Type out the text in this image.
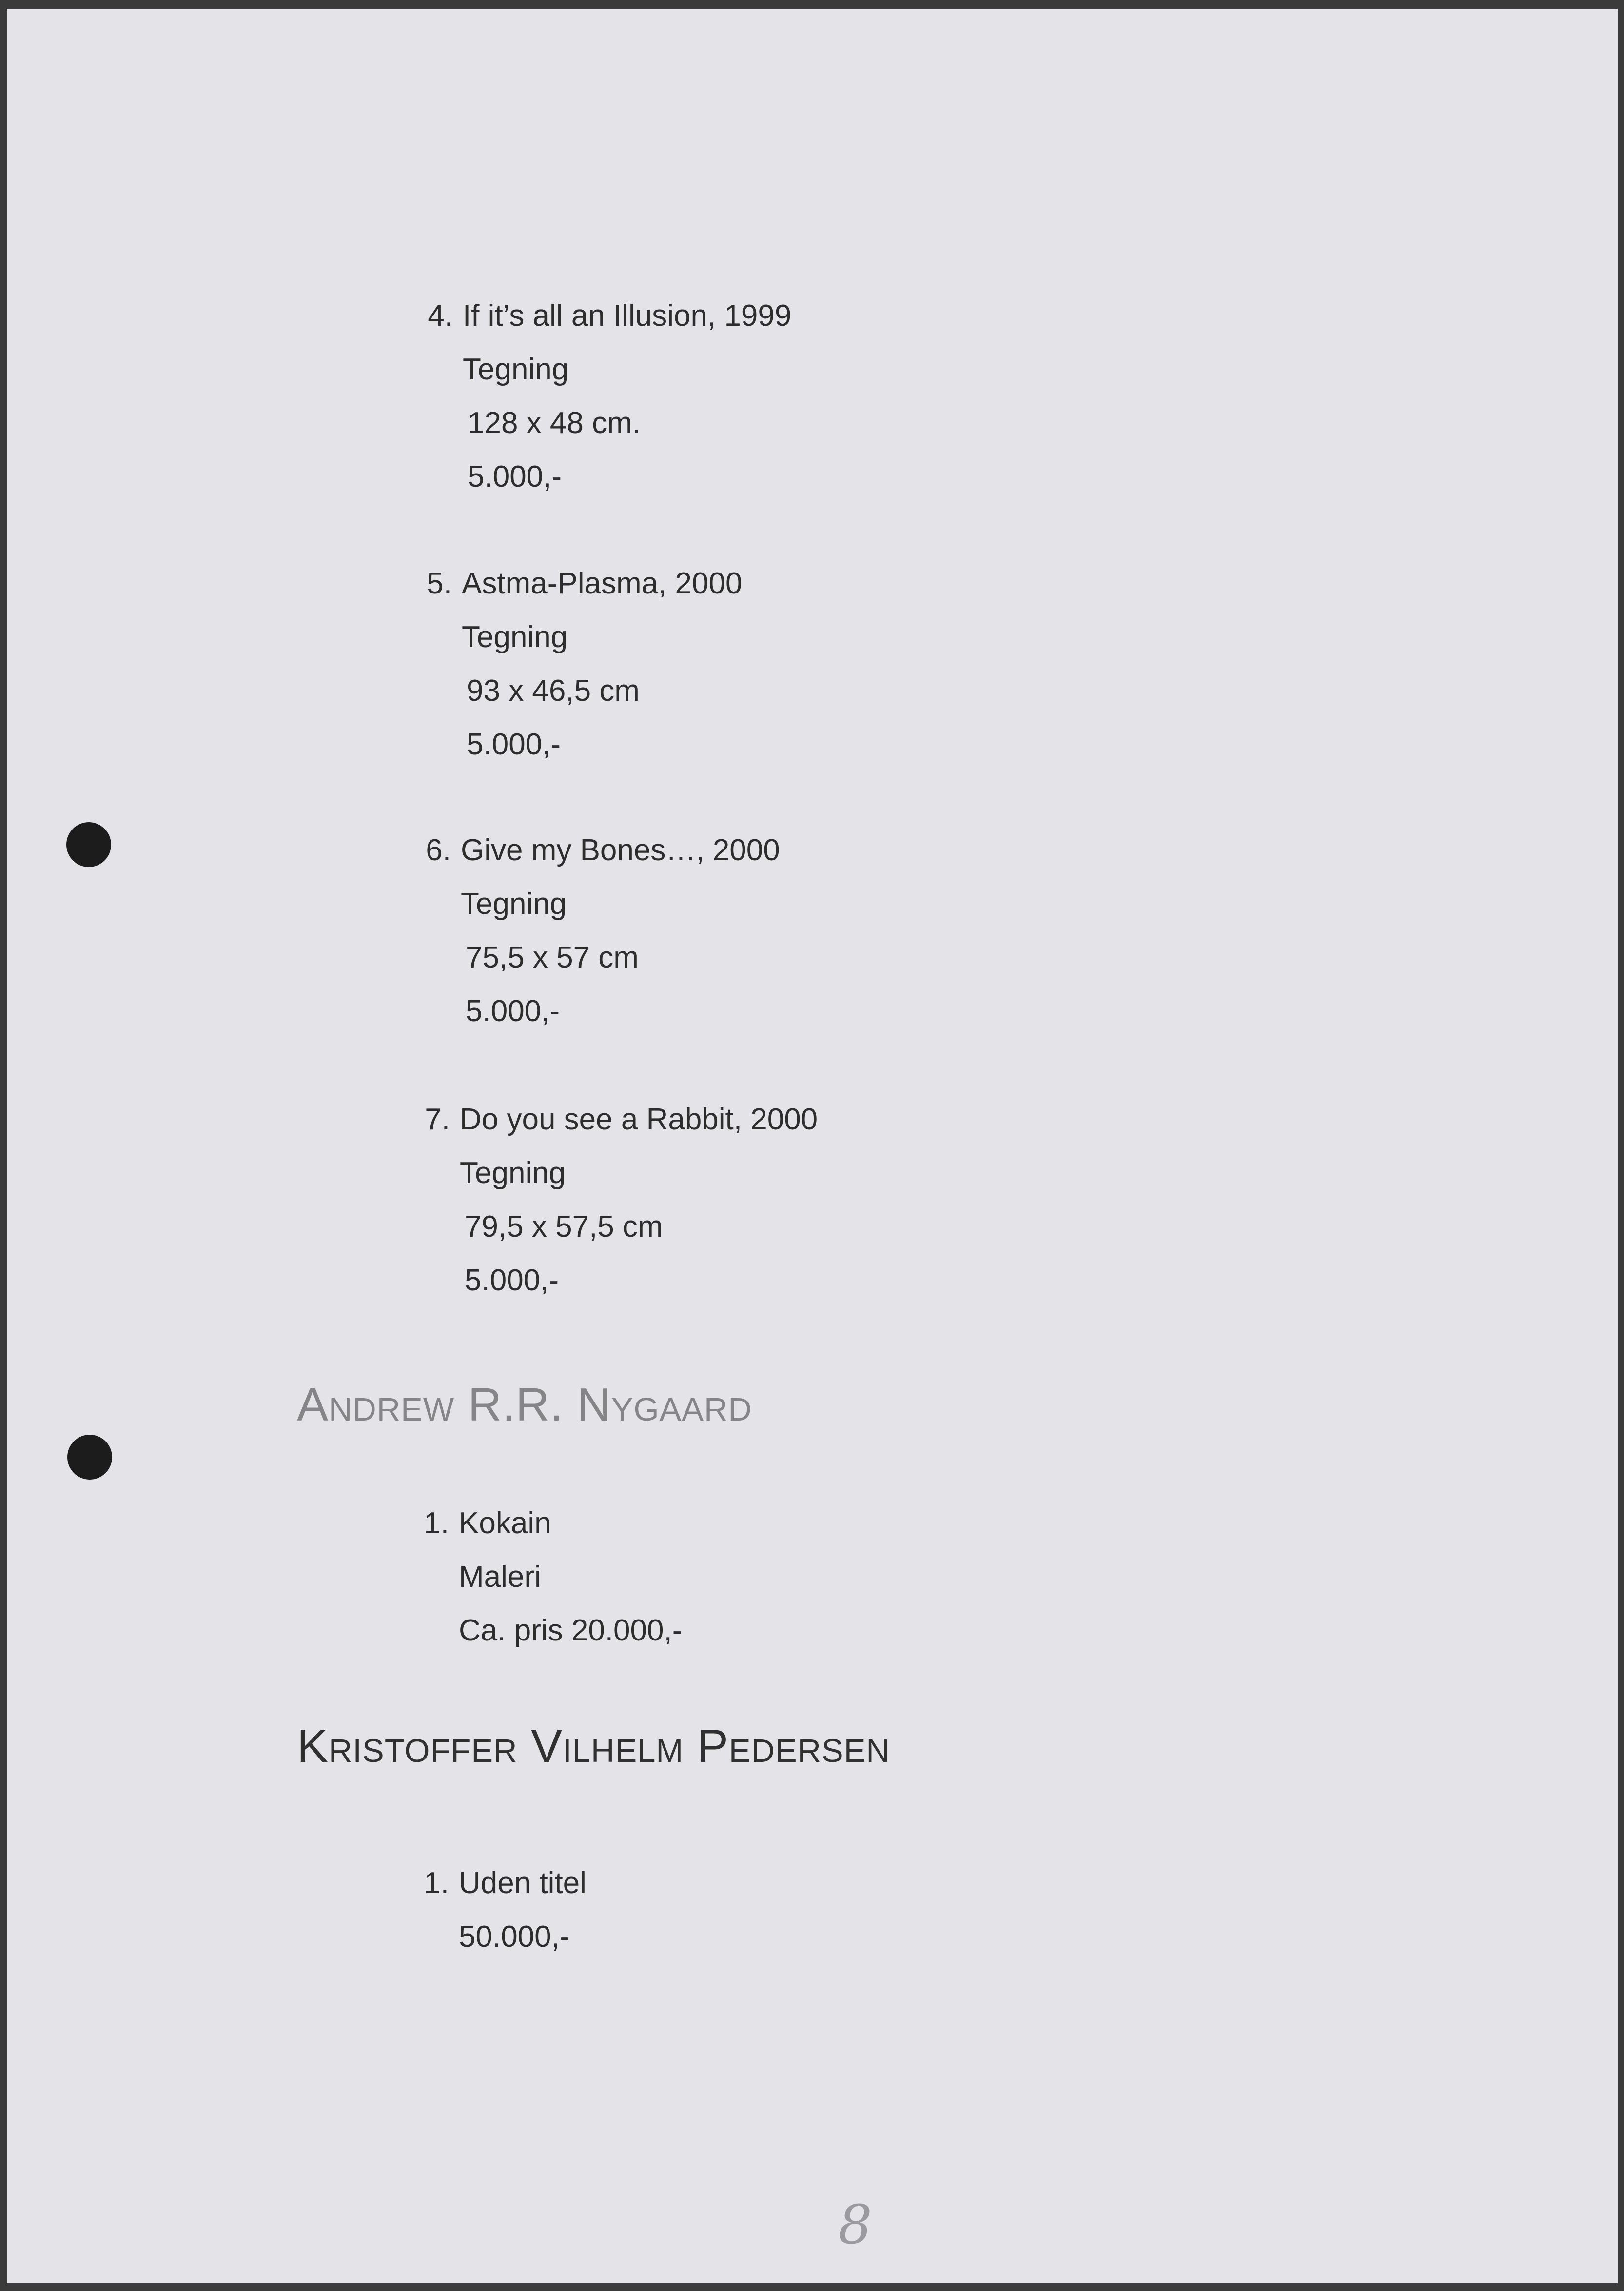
4. If it’s all an Illusion, 1999
Tegning
128 x 48 cm.
5.000,-
5. Astma-Plasma, 2000
Tegning
93 x 46,5 cm
5.000,-
6. Give my Bones…, 2000
Tegning
75,5 x 57 cm
5.000,-
7. Do you see a Rabbit, 2000
Tegning
79,5 x 57,5 cm
5.000,-
Andrew R.R. Nygaard
1. Kokain
Maleri
Ca. pris 20.000,-
Kristoffer Vilhelm Pedersen
1. Uden titel
50.000,-
8
